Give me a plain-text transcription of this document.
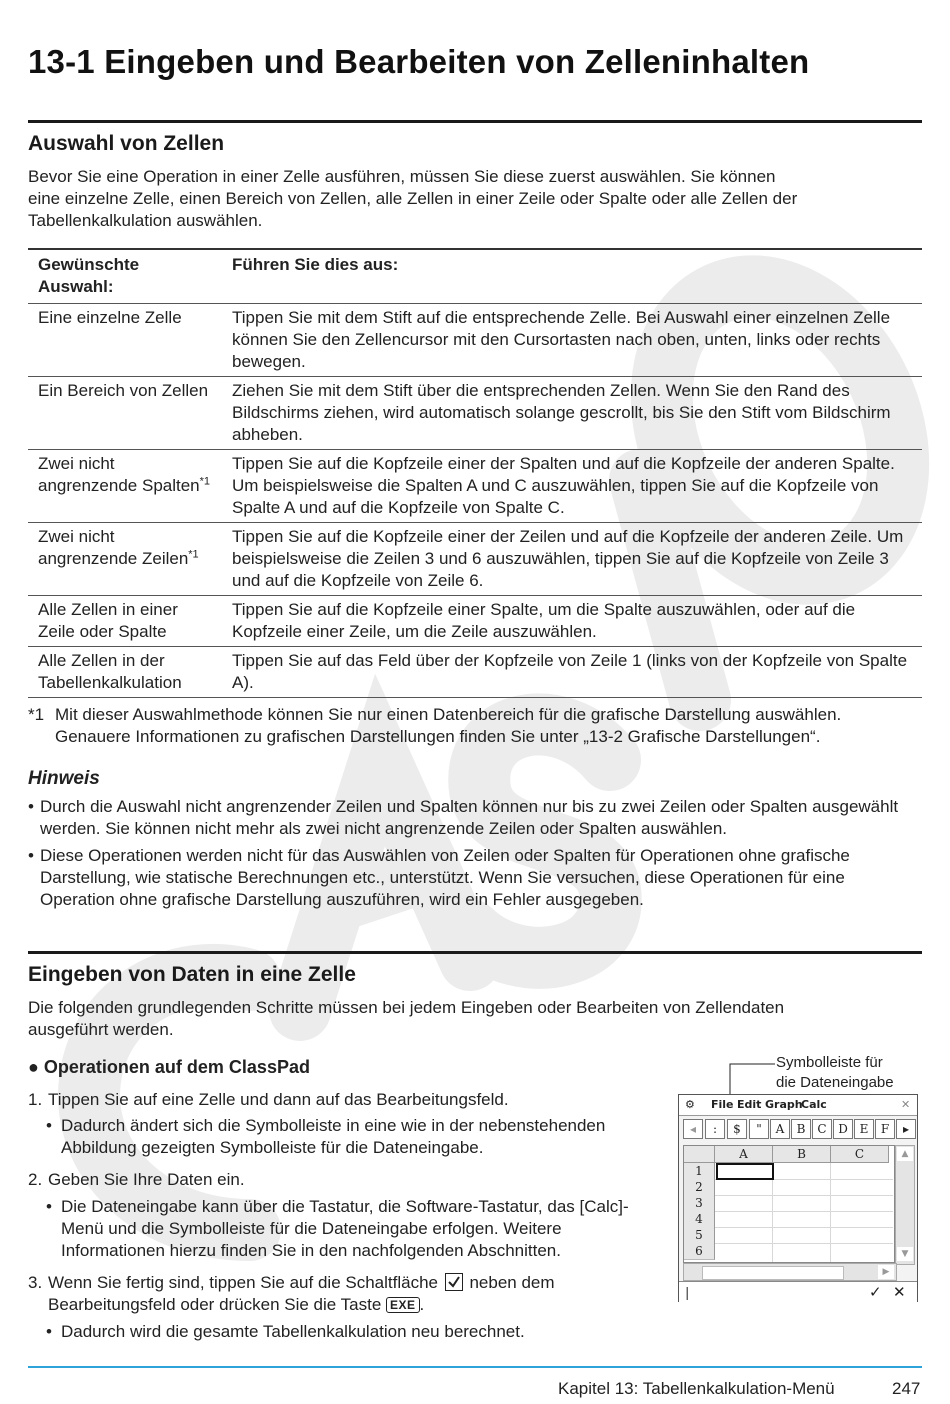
13-1 Eingeben und Bearbeiten von Zelleninhalten
Auswahl von Zellen

Bevor Sie eine Operation in einer Zelle ausführen, müssen Sie diese zuerst auswählen. Sie können
eine einzelne Zelle, einen Bereich von Zellen, alle Zellen in einer Zeile oder Spalte oder alle Zellen der
Tabellenkalkulation auswählen.

Gewünschte Auswahl:	Führen Sie dies aus:
Eine einzelne Zelle	Tippen Sie mit dem Stift auf die entsprechende Zelle. Bei Auswahl einer einzelnen Zelle können Sie den Zellencursor mit den Cursortasten nach oben, unten, links oder rechts bewegen.
Ein Bereich von Zellen	Ziehen Sie mit dem Stift über die entsprechenden Zellen. Wenn Sie den Rand des Bildschirms ziehen, wird automatisch solange gescrollt, bis Sie den Stift vom Bildschirm abheben.
Zwei nicht angrenzende Spalten$^{*1}$	Tippen Sie auf die Kopfzeile einer der Spalten und auf die Kopfzeile der anderen Spalte. Um beispielsweise die Spalten A und C auszuwählen, tippen Sie auf die Kopfzeile von Spalte A und auf die Kopfzeile von Spalte C.
Zwei nicht angrenzende Zeilen$^{*1}$	Tippen Sie auf die Kopfzeile einer der Zeilen und auf die Kopfzeile der anderen Zeile. Um beispielsweise die Zeilen 3 und 6 auszuwählen, tippen Sie auf die Kopfzeile von Zeile 3 und auf die Kopfzeile von Zeile 6.
Alle Zellen in einer Zeile oder Spalte	Tippen Sie auf die Kopfzeile einer Spalte, um die Spalte auszuwählen, oder auf die Kopfzeile einer Zeile, um die Zeile auszuwählen.
Alle Zellen in der Tabellenkalkulation	Tippen Sie auf das Feld über der Kopfzeile von Zeile 1 (links von der Kopfzeile von Spalte A).
*1 Mit dieser Auswahlmethode können Sie nur einen Datenbereich für die grafische Darstellung auswählen. Genauere Informationen zu grafischen Darstellungen finden Sie unter „13-2 Grafische Darstellungen“.
Hinweis
• Durch die Auswahl nicht angrenzender Zeilen und Spalten können nur bis zu zwei Zeilen oder Spalten ausgewählt werden. Sie können nicht mehr als zwei nicht angrenzende Zeilen oder Spalten auswählen.
• Diese Operationen werden nicht für das Auswählen von Zeilen oder Spalten für Operationen ohne grafische Darstellung, wie statische Berechnungen etc., unterstützt. Wenn Sie versuchen, diese Operationen für eine Operation ohne grafische Darstellung auszuführen, wird ein Fehler ausgegeben.
Eingeben von Daten in eine Zelle

Die folgenden grundlegenden Schritte müssen bei jedem Eingeben oder Bearbeiten von Zellendaten ausgeführt werden.

● Operationen auf dem ClassPad
1. Tippen Sie auf eine Zelle und dann auf das Bearbeitungsfeld.
• Dadurch ändert sich die Symbolleiste in eine wie in der nebenstehenden Abbildung gezeigten Symbolleiste für die Dateneingabe.
2. Geben Sie Ihre Daten ein.
• Die Dateneingabe kann über die Tastatur, die Software-Tastatur, das [Calc]-Menü und die Symbolleiste für die Dateneingabe erfolgen. Weitere Informationen hierzu finden Sie in den nachfolgenden Abschnitten.
3. Wenn Sie fertig sind, tippen Sie auf die Schaltfläche neben dem
Bearbeitungsfeld oder drücken Sie die Taste EXE .
• Dadurch wird die gesamte Tabellenkalkulation neu berechnet.
Symbolleiste für
die Dateneingabe
⚙ File Edit Graph
Calc	✕
◂	:	$	"	A	B	C D E	F	▸
A	B	C
1
2
3
4
5
6
▲
▼
▶
|	✓ ✕
Kapitel 13: Tabellenkalkulation-Menü	247
